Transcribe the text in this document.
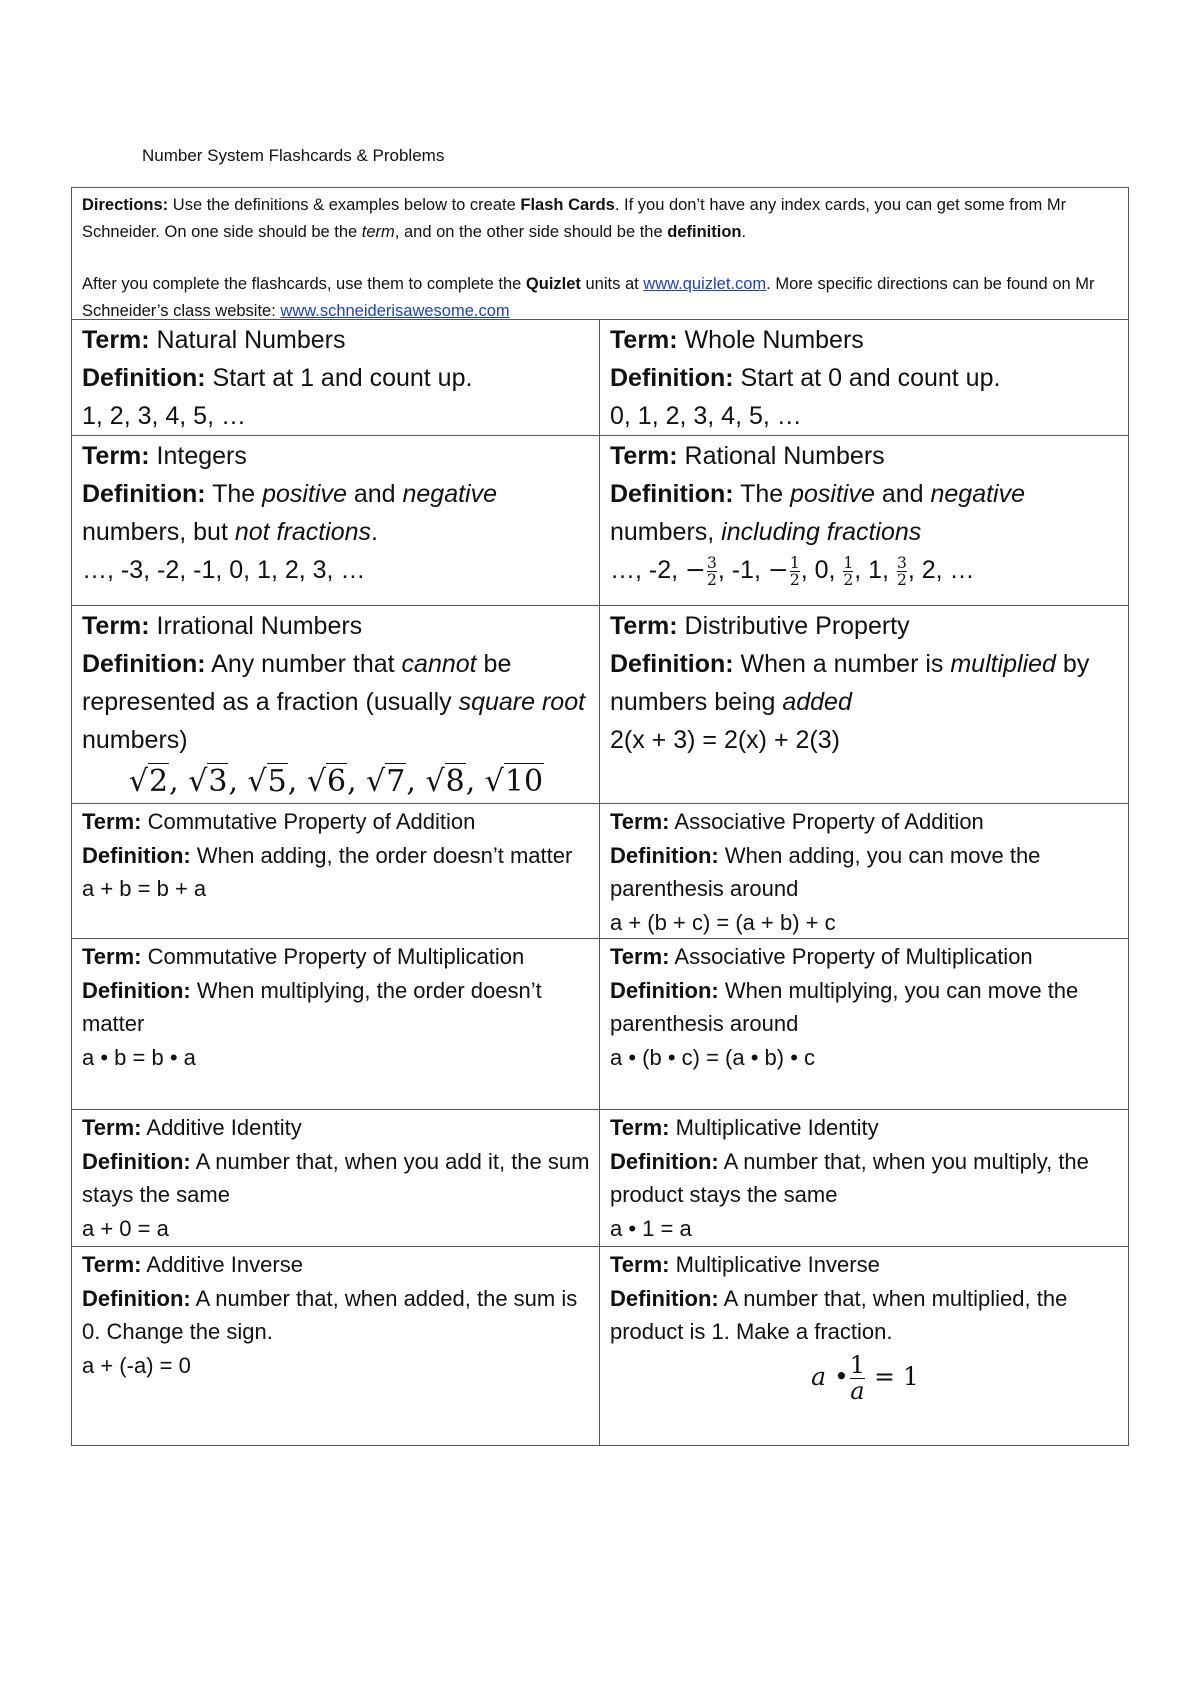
Number System Flashcards & Problems

Directions: Use the definitions & examples below to create Flash Cards. If you don’t have any index cards, you can get some from Mr Schneider. On one side should be the term, and on the other side should be the definition.

After you complete the flashcards, use them to complete the Quizlet units at www.quizlet.com. More specific directions can be found on Mr Schneider’s class website: www.schneiderisawesome.com

Term: Natural Numbers

Definition: Start at 1 and count up.

1, 2, 3, 4, 5, …

Term: Whole Numbers

Definition: Start at 0 and count up.

0, 1, 2, 3, 4, 5, …

Term: Integers

Definition: The positive and negative numbers, but not fractions.

…, -3, -2, -1, 0, 1, 2, 3, …

Term: Rational Numbers

Definition: The positive and negative numbers, including fractions

…, -2, − $\frac{3}{2}$ , -1, − $\frac{1}{2}$ , 0, $\frac{1}{2}$ , 1, $\frac{3}{2}$ , 2, …

Term: Irrational Numbers

Definition: Any number that cannot be represented as a fraction (usually square root numbers)

√2, √3, √5, √6, √7, √8, √10

Term: Distributive Property

Definition: When a number is multiplied by numbers being added

2(x + 3) = 2(x) + 2(3)

Term: Commutative Property of Addition

Definition: When adding, the order doesn’t matter

a + b = b + a

Term: Associative Property of Addition

Definition: When adding, you can move the parenthesis around

a + (b + c) = (a + b) + c

Term: Commutative Property of Multiplication

Definition: When multiplying, the order doesn’t matter

a • b = b • a

Term: Associative Property of Multiplication

Definition: When multiplying, you can move the parenthesis around

a • (b • c) = (a • b) • c

Term: Additive Identity

Definition: A number that, when you add it, the sum stays the same

a + 0 = a

Term: Multiplicative Identity

Definition: A number that, when you multiply, the product stays the same

a • 1 = a

Term: Additive Inverse

Definition: A number that, when added, the sum is 0. Change the sign.

a + (-a) = 0

Term: Multiplicative Inverse

Definition: A number that, when multiplied, the product is 1. Make a fraction.

a • $\frac{1}{a} = 1$
